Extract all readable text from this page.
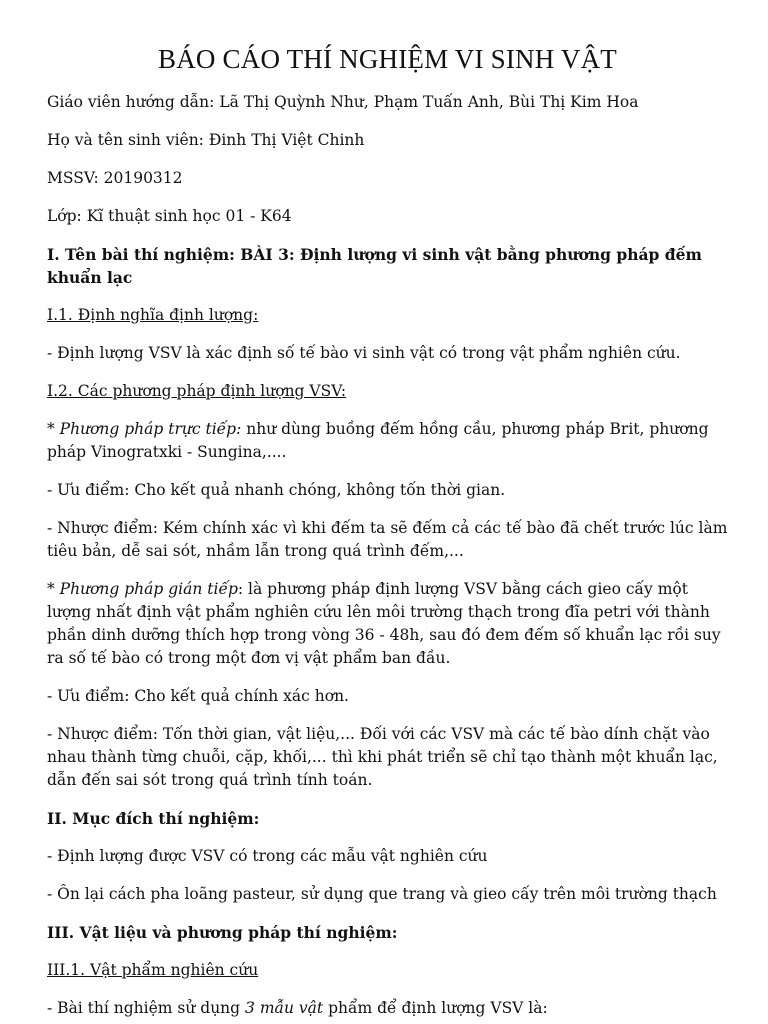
BÁO CÁO THÍ NGHIỆM VI SINH VẬT

Giáo viên hướng dẫn: Lã Thị Quỳnh Như, Phạm Tuấn Anh, Bùi Thị Kim Hoa

Họ và tên sinh viên: Đinh Thị Việt Chinh

MSSV: 20190312

Lớp: Kĩ thuật sinh học 01 - K64

I. Tên bài thí nghiệm: BÀI 3: Định lượng vi sinh vật bằng phương pháp đếm khuẩn lạc

I.1. Định nghĩa định lượng:

- Định lượng VSV là xác định số tế bào vi sinh vật có trong vật phẩm nghiên cứu.

I.2. Các phương pháp định lượng VSV:

* Phương pháp trực tiếp: như dùng buồng đếm hồng cầu, phương pháp Brit, phương pháp Vinogratxki - Sungina,....

- Ưu điểm: Cho kết quả nhanh chóng, không tốn thời gian.

- Nhược điểm: Kém chính xác vì khi đếm ta sẽ đếm cả các tế bào đã chết trước lúc làm tiêu bản, dễ sai sót, nhầm lẫn trong quá trình đếm,...

* Phương pháp gián tiếp: là phương pháp định lượng VSV bằng cách gieo cấy một lượng nhất định vật phẩm nghiên cứu lên môi trường thạch trong đĩa petri với thành phần dinh dưỡng thích hợp trong vòng 36 - 48h, sau đó đem đếm số khuẩn lạc rồi suy ra số tế bào có trong một đơn vị vật phẩm ban đầu.

- Ưu điểm: Cho kết quả chính xác hơn.

- Nhược điểm: Tốn thời gian, vật liệu,... Đối với các VSV mà các tế bào dính chặt vào nhau thành từng chuỗi, cặp, khối,... thì khi phát triển sẽ chỉ tạo thành một khuẩn lạc, dẫn đến sai sót trong quá trình tính toán.

II. Mục đích thí nghiệm:

- Định lượng được VSV có trong các mẫu vật nghiên cứu

- Ôn lại cách pha loãng pasteur, sử dụng que trang và gieo cấy trên môi trường thạch

III. Vật liệu và phương pháp thí nghiệm:

III.1. Vật phẩm nghiên cứu

- Bài thí nghiệm sử dụng 3 mẫu vật phẩm để định lượng VSV là:
